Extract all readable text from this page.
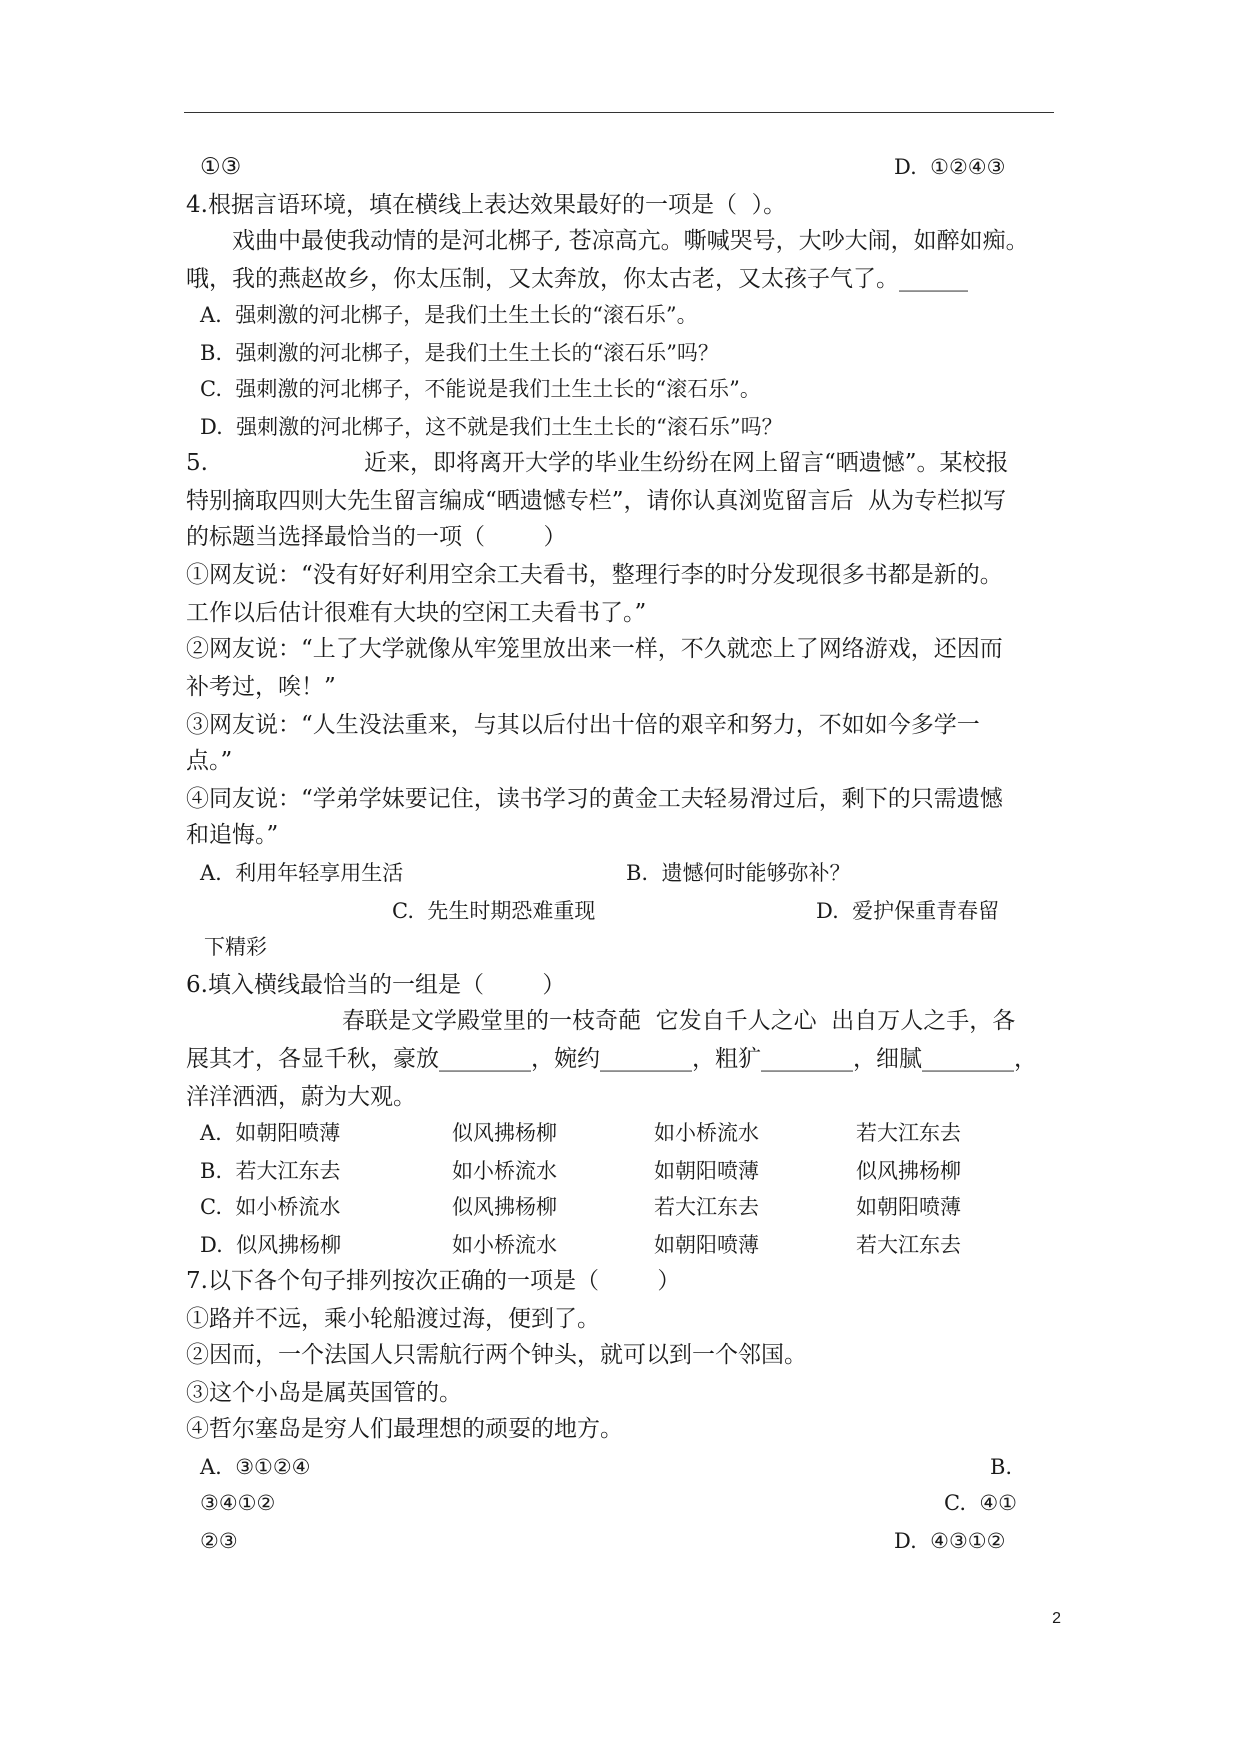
①③	D.  ①②④③
4.根据言语环境，填在横线上表达效果最好的一项是（  ）。
戏曲中最使我动情的是河北梆子, 苍凉高亢。嘶喊哭号，大吵大闹，如醉如痴。
哦，我的燕赵故乡，你太压制，又太奔放，你太古老，又太孩子气了。______
A.  强刺激的河北梆子，是我们土生土长的“滚石乐”。
B.  强刺激的河北梆子，是我们土生土长的“滚石乐”吗？
C.  强刺激的河北梆子，不能说是我们土生土长的“滚石乐”。
D.  强刺激的河北梆子，这不就是我们土生土长的“滚石乐”吗？
5.	近来，即将离开大学的毕业生纷纷在网上留言“晒遗憾”。某校报
特别摘取四则大先生留言编成“晒遗憾专栏”，请你认真浏览留言后  从为专栏拟写
的标题当选择最恰当的一项（        ）
①网友说：“没有好好利用空余工夫看书，整理行李的时分发现很多书都是新的。
工作以后估计很难有大块的空闲工夫看书了。”
②网友说：“上了大学就像从牢笼里放出来一样，不久就恋上了网络游戏，还因而
补考过，唉！”
③网友说：“人生没法重来，与其以后付出十倍的艰辛和努力，不如如今多学一
点。”
④同友说：“学弟学妹要记住，读书学习的黄金工夫轻易滑过后，剩下的只需遗憾
和追悔。”
A.  利用年轻享用生活	B.  遗憾何时能够弥补？
C.  先生时期恐难重现	D.  爱护保重青春留
下精彩
6.填入横线最恰当的一组是（        ）
春联是文学殿堂里的一枝奇葩  它发自千人之心  出自万人之手，各
展其才，各显千秋，豪放________，婉约________，粗犷________，细腻________，
洋洋洒洒，蔚为大观。
A.  如朝阳喷薄	似风拂杨柳	如小桥流水	若大江东去
B.  若大江东去	如小桥流水	如朝阳喷薄	似风拂杨柳
C.  如小桥流水	似风拂杨柳	若大江东去	如朝阳喷薄
D.  似风拂杨柳	如小桥流水	如朝阳喷薄	若大江东去
7.以下各个句子排列按次正确的一项是（        ）
①路并不远，乘小轮船渡过海，便到了。
②因而，一个法国人只需航行两个钟头，就可以到一个邻国。
③这个小岛是属英国管的。
④哲尔塞岛是穷人们最理想的顽耍的地方。
A.  ③①②④	B.
③④①②	C.  ④①
②③	D.  ④③①②
2
